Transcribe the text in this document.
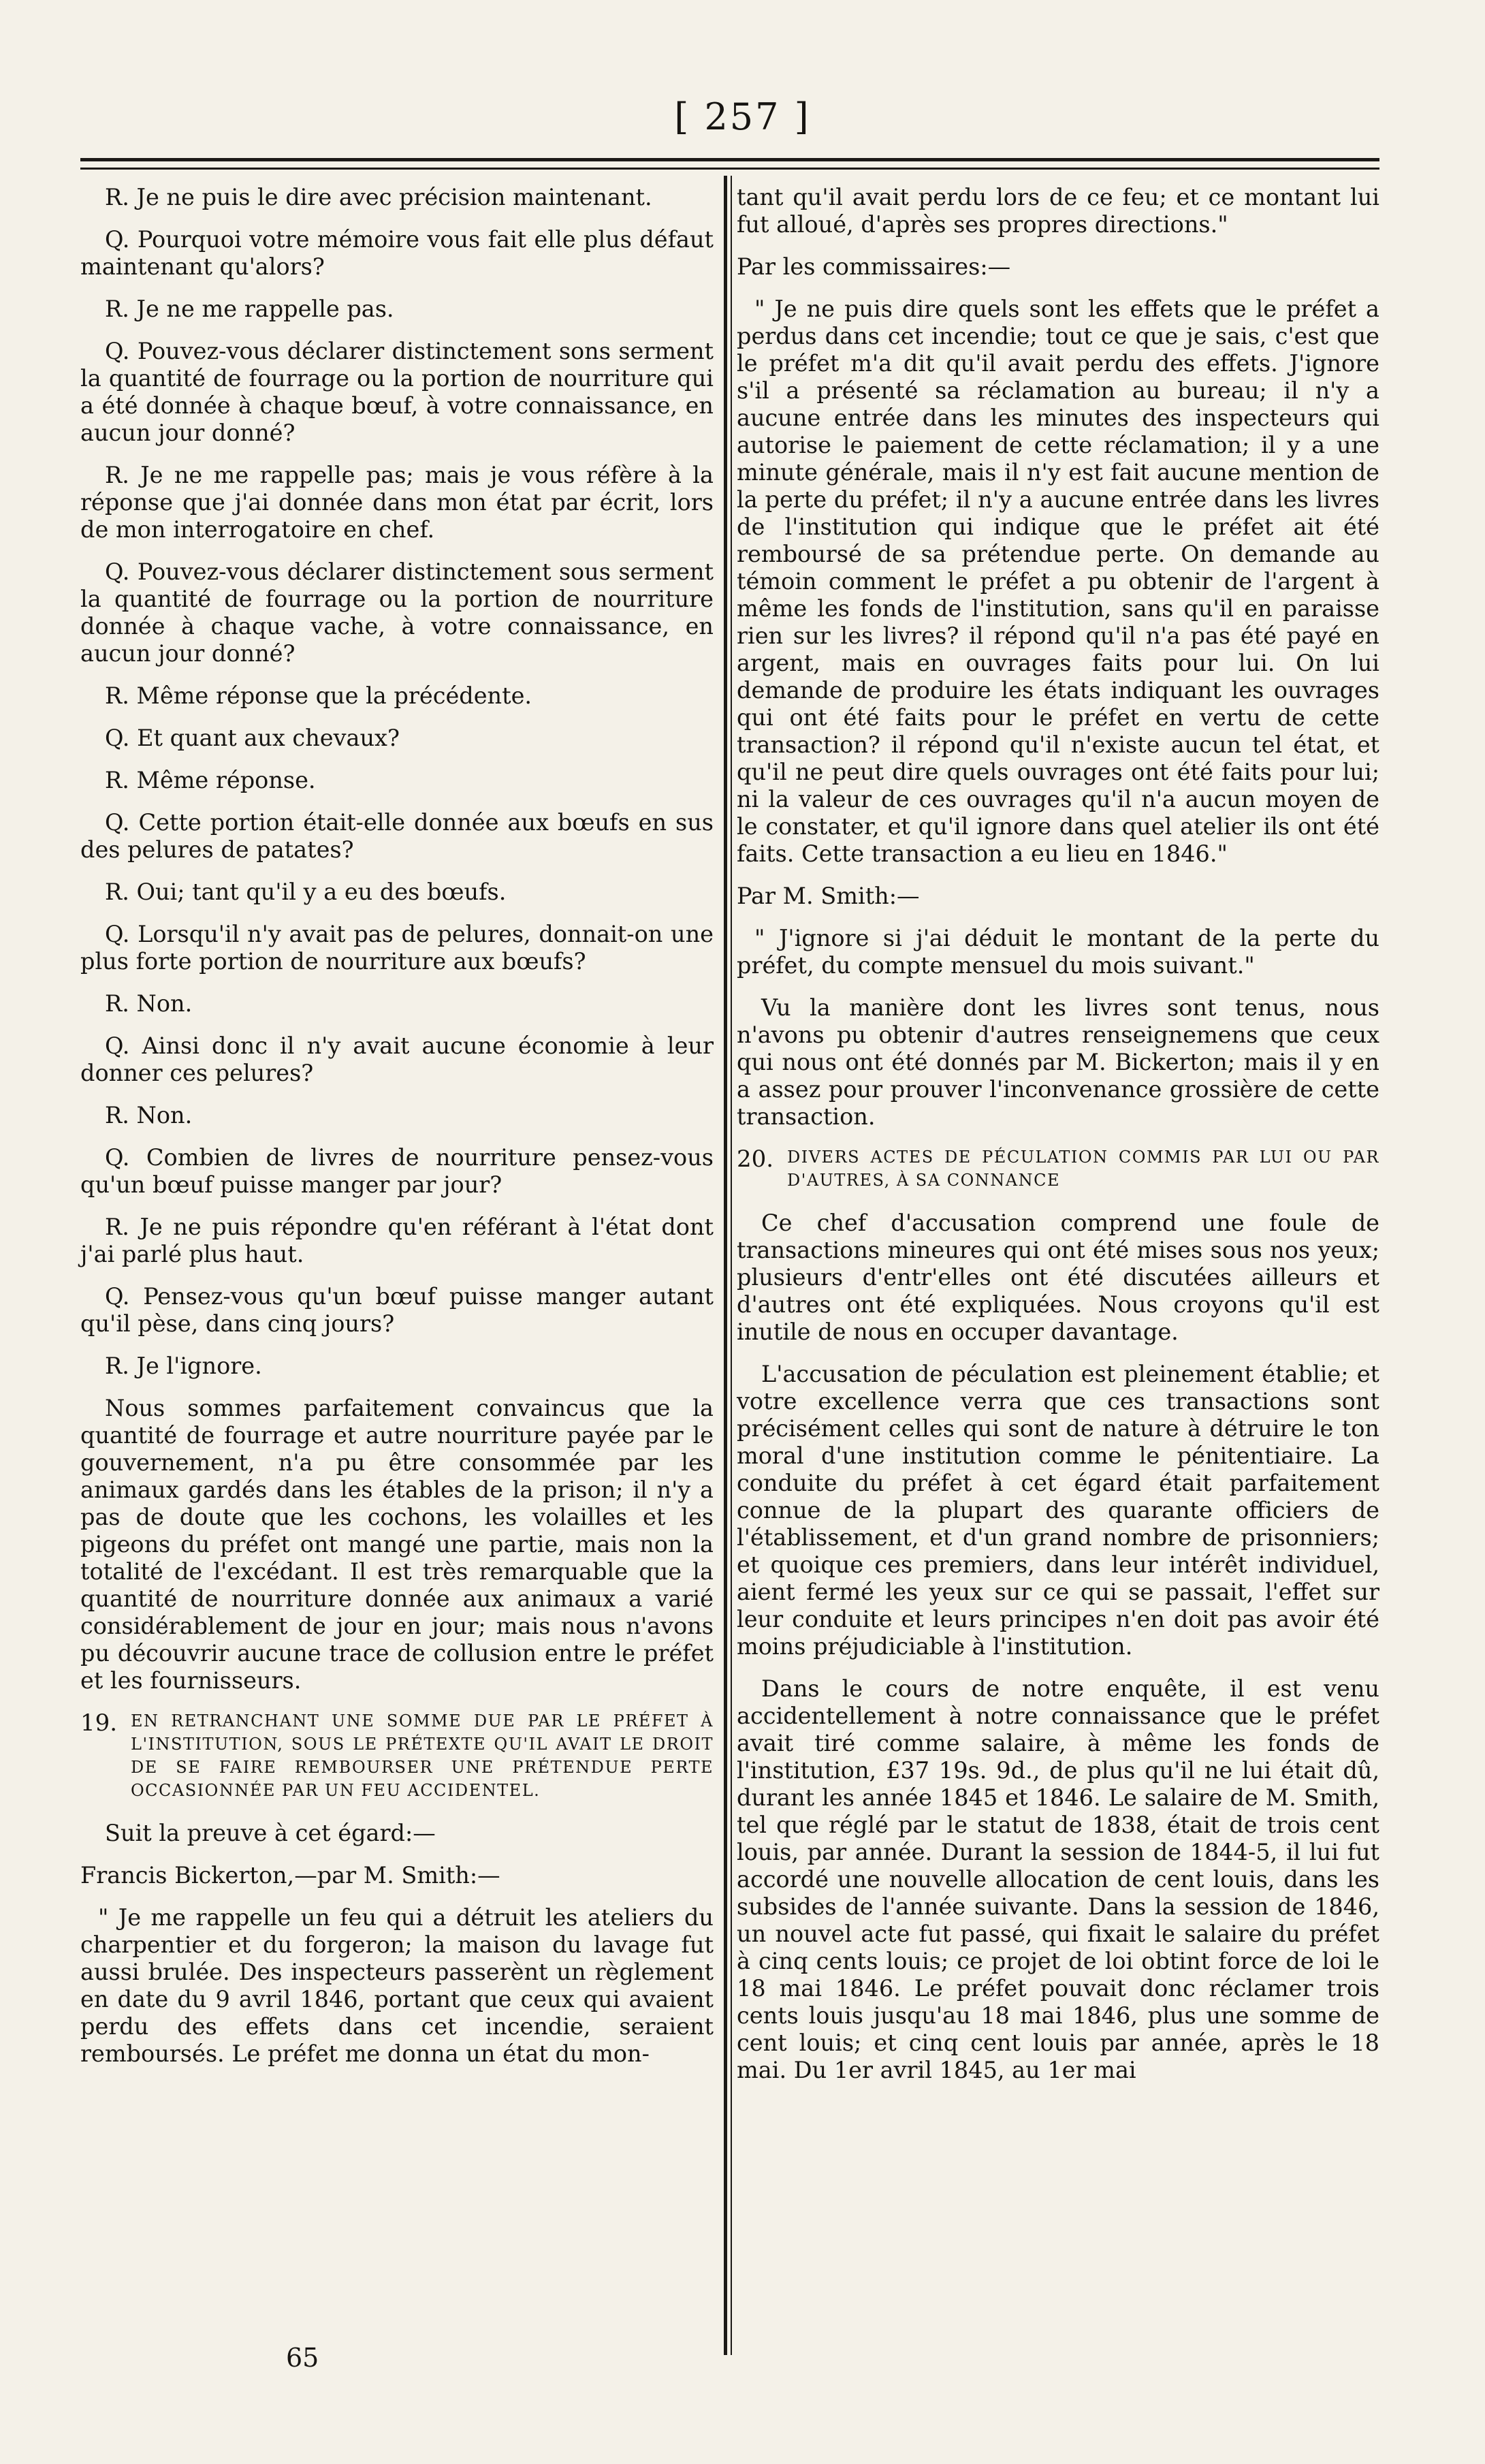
[ 257 ]

R. Je ne puis le dire avec précision maintenant.

Q. Pourquoi votre mémoire vous fait elle plus défaut maintenant qu'alors?

R. Je ne me rappelle pas.

Q. Pouvez-vous déclarer distinctement sons serment la quantité de fourrage ou la portion de nourriture qui a été donnée à chaque bœuf, à votre connaissance, en aucun jour donné?

R. Je ne me rappelle pas; mais je vous réfère à la réponse que j'ai donnée dans mon état par écrit, lors de mon interrogatoire en chef.

Q. Pouvez-vous déclarer distinctement sous serment la quantité de fourrage ou la portion de nourriture donnée à chaque vache, à votre connaissance, en aucun jour donné?

R. Même réponse que la précédente.

Q. Et quant aux chevaux?

R. Même réponse.

Q. Cette portion était-elle donnée aux bœufs en sus des pelures de patates?

R. Oui; tant qu'il y a eu des bœufs.

Q. Lorsqu'il n'y avait pas de pelures, donnait-on une plus forte portion de nourriture aux bœufs?

R. Non.

Q. Ainsi donc il n'y avait aucune économie à leur donner ces pelures?

R. Non.

Q. Combien de livres de nourriture pensez-vous qu'un bœuf puisse manger par jour?

R. Je ne puis répondre qu'en référant à l'état dont j'ai parlé plus haut.

Q. Pensez-vous qu'un bœuf puisse manger autant qu'il pèse, dans cinq jours?

R. Je l'ignore.

Nous sommes parfaitement convaincus que la quantité de fourrage et autre nourriture payée par le gouvernement, n'a pu être consommée par les animaux gardés dans les étables de la prison; il n'y a pas de doute que les cochons, les volailles et les pigeons du préfet ont mangé une partie, mais non la totalité de l'excédant. Il est très remarquable que la quantité de nourriture donnée aux animaux a varié considérablement de jour en jour; mais nous n'avons pu découvrir aucune trace de collusion entre le préfet et les fournisseurs.

19. EN RETRANCHANT UNE SOMME DUE PAR LE PRÉFET À L'INSTITUTION, SOUS LE PRÉTEXTE QU'IL AVAIT LE DROIT DE SE FAIRE REMBOURSER UNE PRÉTENDUE PERTE OCCASIONNÉE PAR UN FEU ACCIDENTEL.

Suit la preuve à cet égard:—

Francis Bickerton,—par M. Smith:—

" Je me rappelle un feu qui a détruit les ateliers du charpentier et du forgeron; la maison du lavage fut aussi brulée. Des inspecteurs passerènt un règlement en date du 9 avril 1846, portant que ceux qui avaient perdu des effets dans cet incendie, seraient remboursés. Le préfet me donna un état du mon-

tant qu'il avait perdu lors de ce feu; et ce montant lui fut alloué, d'après ses propres directions."

Par les commissaires:—

" Je ne puis dire quels sont les effets que le préfet a perdus dans cet incendie; tout ce que je sais, c'est que le préfet m'a dit qu'il avait perdu des effets. J'ignore s'il a présenté sa réclamation au bureau; il n'y a aucune entrée dans les minutes des inspecteurs qui autorise le paiement de cette réclamation; il y a une minute générale, mais il n'y est fait aucune mention de la perte du préfet; il n'y a aucune entrée dans les livres de l'institution qui indique que le préfet ait été remboursé de sa prétendue perte. On demande au témoin comment le préfet a pu obtenir de l'argent à même les fonds de l'institution, sans qu'il en paraisse rien sur les livres? il répond qu'il n'a pas été payé en argent, mais en ouvrages faits pour lui. On lui demande de produire les états indiquant les ouvrages qui ont été faits pour le préfet en vertu de cette transaction? il répond qu'il n'existe aucun tel état, et qu'il ne peut dire quels ouvrages ont été faits pour lui; ni la valeur de ces ouvrages qu'il n'a aucun moyen de le constater, et qu'il ignore dans quel atelier ils ont été faits. Cette transaction a eu lieu en 1846."

Par M. Smith:—

" J'ignore si j'ai déduit le montant de la perte du préfet, du compte mensuel du mois suivant."

Vu la manière dont les livres sont tenus, nous n'avons pu obtenir d'autres renseignemens que ceux qui nous ont été donnés par M. Bickerton; mais il y en a assez pour prouver l'inconvenance grossière de cette transaction.

20. DIVERS ACTES DE PÉCULATION COMMIS PAR LUI OU PAR D'AUTRES, À SA CONNANCE

Ce chef d'accusation comprend une foule de transactions mineures qui ont été mises sous nos yeux; plusieurs d'entr'elles ont été discutées ailleurs et d'autres ont été expliquées. Nous croyons qu'il est inutile de nous en occuper davantage.

L'accusation de péculation est pleinement établie; et votre excellence verra que ces transactions sont précisément celles qui sont de nature à détruire le ton moral d'une institution comme le pénitentiaire. La conduite du préfet à cet égard était parfaitement connue de la plupart des quarante officiers de l'établissement, et d'un grand nombre de prisonniers; et quoique ces premiers, dans leur intérêt individuel, aient fermé les yeux sur ce qui se passait, l'effet sur leur conduite et leurs principes n'en doit pas avoir été moins préjudiciable à l'institution.

Dans le cours de notre enquête, il est venu accidentellement à notre connaissance que le préfet avait tiré comme salaire, à même les fonds de l'institution, £37 19s. 9d., de plus qu'il ne lui était dû, durant les année 1845 et 1846. Le salaire de M. Smith, tel que réglé par le statut de 1838, était de trois cent louis, par année. Durant la session de 1844-5, il lui fut accordé une nouvelle allocation de cent louis, dans les subsides de l'année suivante. Dans la session de 1846, un nouvel acte fut passé, qui fixait le salaire du préfet à cinq cents louis; ce projet de loi obtint force de loi le 18 mai 1846. Le préfet pouvait donc réclamer trois cents louis jusqu'au 18 mai 1846, plus une somme de cent louis; et cinq cent louis par année, après le 18 mai. Du 1er avril 1845, au 1er mai

65
